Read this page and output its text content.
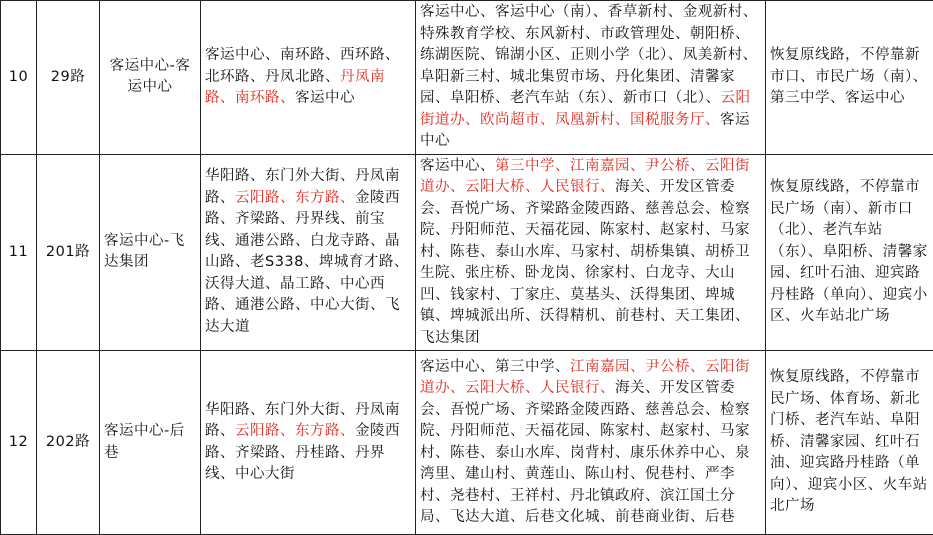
10	29路	客运中心-客运中心	客运中心、南环路、西环路、北环路、丹凤北路、丹凤南路、南环路、客运中心	客运中心、客运中心（南）、香草新村、金观新村、特殊教育学校、东风新村、市政管理处、朝阳桥、练湖医院、锦湖小区、正则小学（北）、凤美新村、阜阳新三村、城北集贸市场、丹化集团、清馨家园、阜阳桥、老汽车站（东）、新市口（北）、云阳街道办、欧尚超市、凤凰新村、国税服务厅、客运中心	恢复原线路，不停靠新市口、市民广场（南）、第三中学、客运中心
11	201路	客运中心-飞达集团	华阳路、东门外大街、丹凤南路、云阳路、东方路、金陵西路、齐梁路、丹界线、前宝线、通港公路、白龙寺路、晶山路、老S338、埤城育才路、沃得大道、晶工路、中心西路、通港公路、中心大街、飞达大道	客运中心、第三中学、江南嘉园、尹公桥、云阳街道办、云阳大桥、人民银行、海关、开发区管委会、吾悦广场、齐梁路金陵西路、慈善总会、检察院、丹阳师范、天福花园、陈家村、赵家村、马家村、陈巷、泰山水库、马家村、胡桥集镇、胡桥卫生院、张庄桥、卧龙岗、徐家村、白龙寺、大山凹、钱家村、丁家庄、莫基头、沃得集团、埤城镇、埤城派出所、沃得精机、前巷村、天工集团、飞达集团	恢复原线路，不停靠市民广场（南）、新市口（北）、老汽车站（东）、阜阳桥、清馨家园、红叶石油、迎宾路丹桂路（单向）、迎宾小区、火车站北广场
12	202路	客运中心-后巷	华阳路、东门外大街、丹凤南路、云阳路、东方路、金陵西路、齐梁路、丹桂路、丹界线、中心大街	客运中心、第三中学、江南嘉园、尹公桥、云阳街道办、云阳大桥、人民银行、海关、开发区管委会、吾悦广场、齐梁路金陵西路、慈善总会、检察院、丹阳师范、天福花园、陈家村、赵家村、马家村、陈巷、泰山水库、岗背村、康乐休养中心、泉湾里、建山村、黄莲山、陈山村、倪巷村、严李村、尧巷村、王祥村、丹北镇政府、滨江国土分局、飞达大道、后巷文化城、前巷商业街、后巷	恢复原线路，不停靠市民广场、体育场、新北门桥、老汽车站、阜阳桥、清馨家园、红叶石油、迎宾路丹桂路（单向）、迎宾小区、火车站北广场
